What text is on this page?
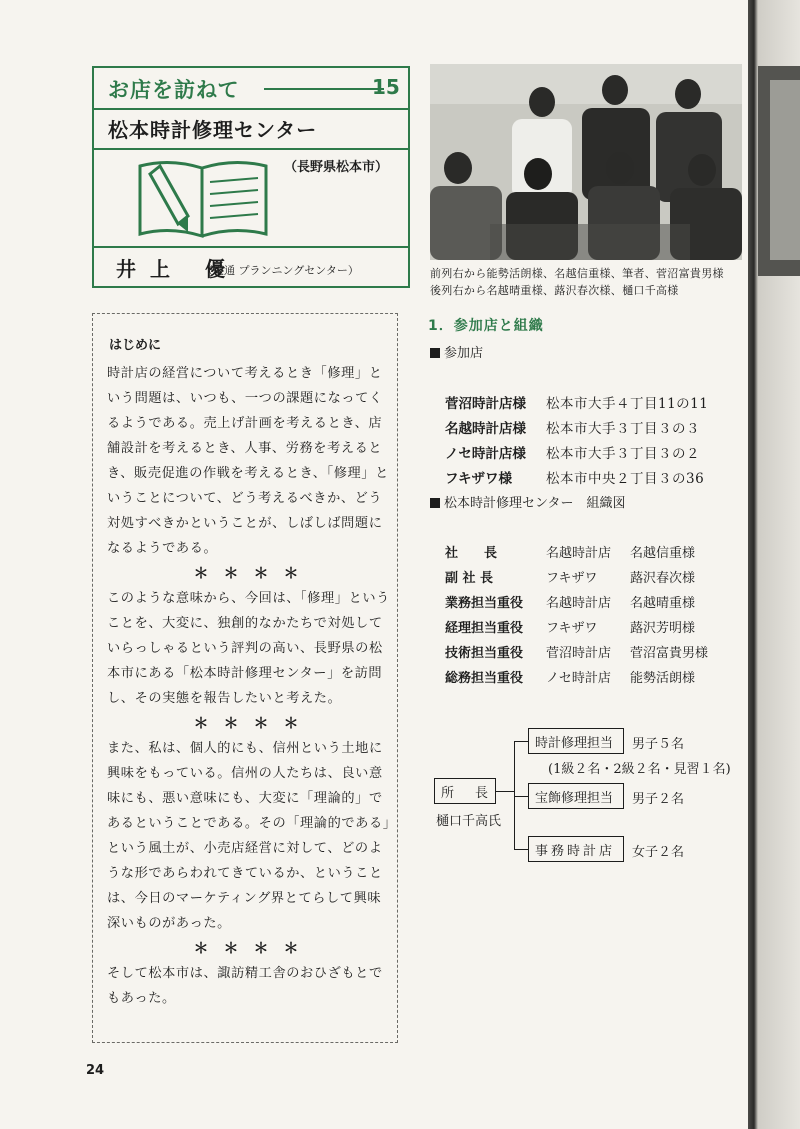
お店を訪ねて	15
松本時計修理センター
（長野県松本市）
井上 優
（電通 プランニングセンター）	前列右から能勢活朗様、名越信重様、筆者、菅沼富貴男様
後列右から名越晴重様、蕗沢春次様、樋口千高様
はじめに
時計店の経営について考えるとき「修理」と
いう問題は、いつも、一つの課題になってく
るようである。売上げ計画を考えるとき、店
舗設計を考えるとき、人事、労務を考えると
き、販売促進の作戦を考えるとき、「修理」と
いうことについて、どう考えるべきか、どう
対処すべきかということが、しばしば問題に
なるようである。
＊　＊　＊　＊
このような意味から、今回は、「修理」という
ことを、大変に、独創的なかたちで対処して
いらっしゃるという評判の高い、長野県の松
本市にある「松本時計修理センター」を訪問
し、その実態を報告したいと考えた。
＊　＊　＊　＊
また、私は、個人的にも、信州という土地に
興味をもっている。信州の人たちは、良い意
味にも、悪い意味にも、大変に「理論的」で
あるということである。その「理論的である」
という風土が、小売店経営に対して、どのよ
うな形であらわれてきているか、ということ
は、今日のマーケティング界とてらして興味
深いものがあった。
＊　＊　＊　＊
そして松本市は、諏訪精工舎のおひざもとで
もあった。
24
1．参加店と組織
参加店
菅沼時計店様 松本市大手４丁目11の11
名越時計店様 松本市大手３丁目３の３
ノセ時計店様 松本市大手３丁目３の２
フキザワ様	松本市中央２丁目３の36
松本時計修理センター　組織図
社　　長	名越時計店 名越信重様
副 社 長	フキザワ	蕗沢春次様
業務担当重役 名越時計店 名越晴重様
経理担当重役 フキザワ	蕗沢芳明様
技術担当重役 菅沼時計店 菅沼富貴男様
総務担当重役 ノセ時計店 能勢活朗様
所　長
樋口千高氏
時計修理担当	男子５名
(1級２名・2級２名・見習１名)
宝飾修理担当	男子２名
事務時計店	女子２名
